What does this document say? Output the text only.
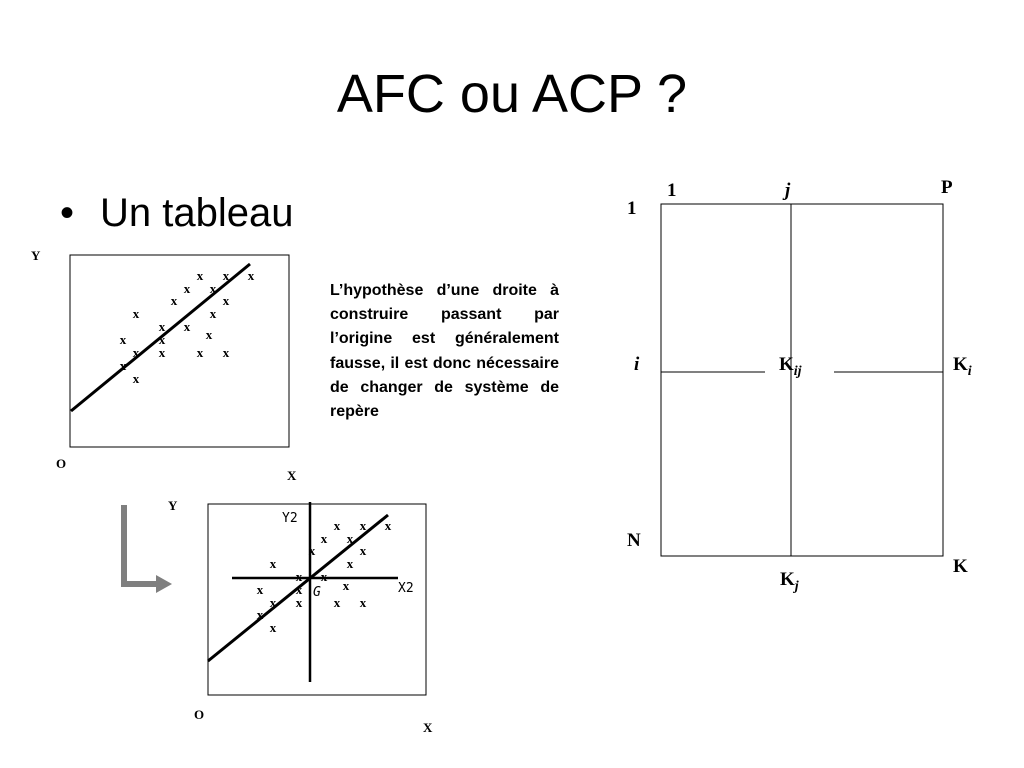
AFC ou ACP ?
• Un tableau
L’hypothèse d’une droite à construire passant par l’origine est généralement fausse, il est donc nécessaire de changer de système de repère
Y
O
X
x x x
x x
x	x
x	x
x x
x	x	x
x x x x
x
x
Y
O
X
Y2
X2
G
x x x
x x
x	x
x	x
x x
x	x	x
x x x x
x
x
1	j	P
1
i
N
$K_{ij}$	$K_i$
$K_j$
K
